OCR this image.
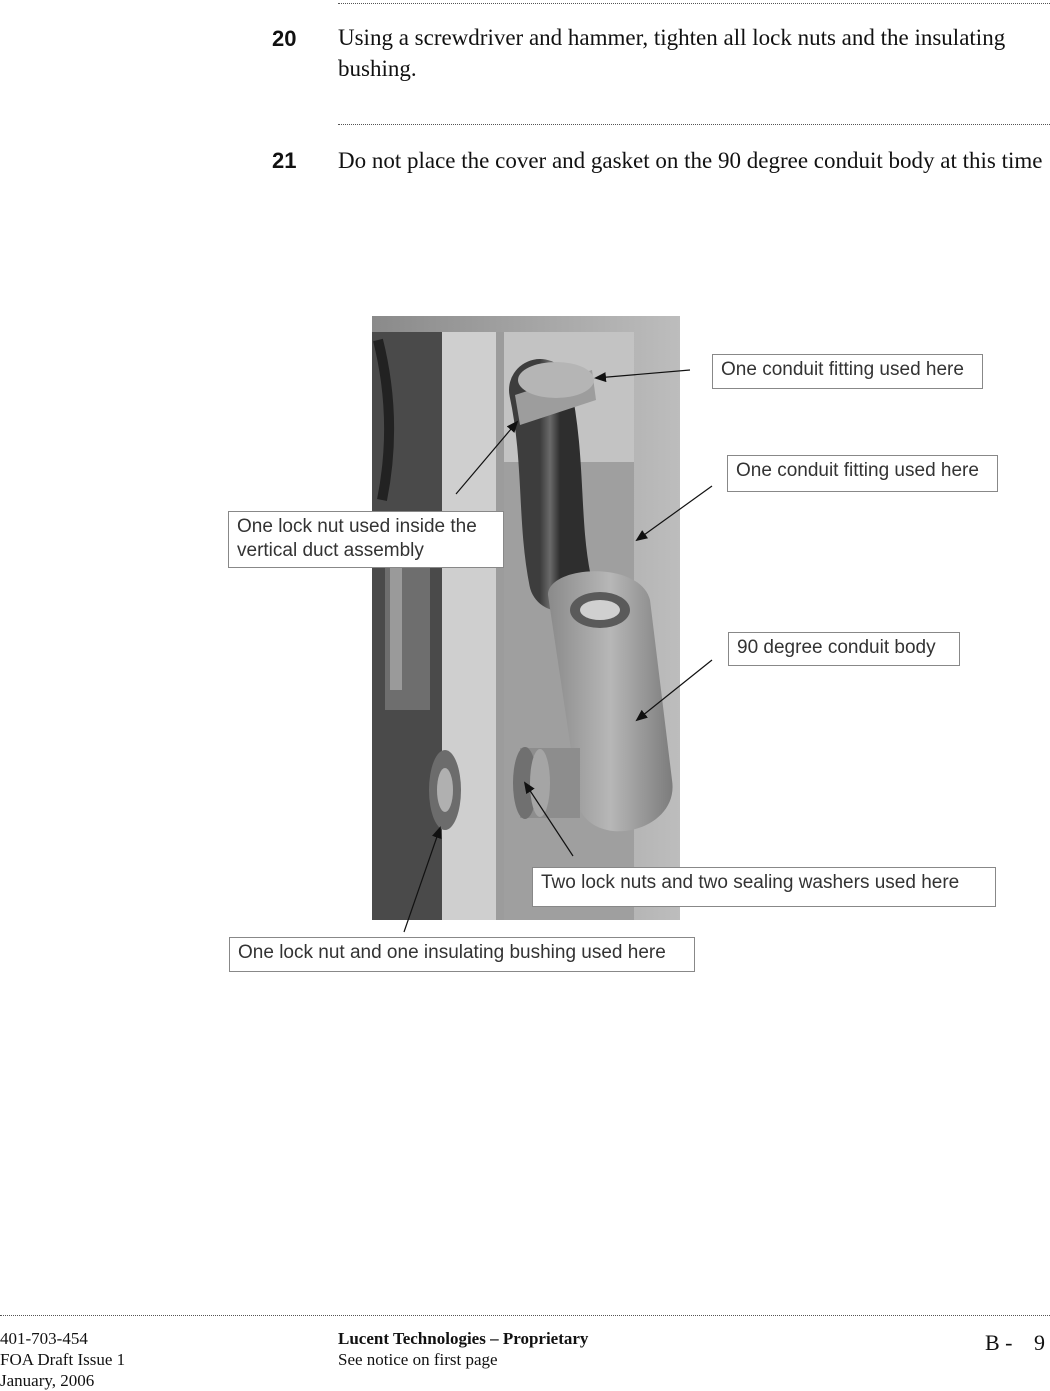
20 Using a screwdriver and hammer, tighten all lock nuts and the insulating bushing.
21 Do not place the cover and gasket on the 90 degree conduit body at this time
One conduit fitting used here
One conduit fitting used here
One lock nut used inside the vertical duct assembly
90 degree conduit body
Two lock nuts and two sealing washers used here
One lock nut and one insulating bushing used here
401-703-454
FOA Draft Issue 1
January, 2006
Lucent Technologies – Proprietary
See notice on first page
B - 9
